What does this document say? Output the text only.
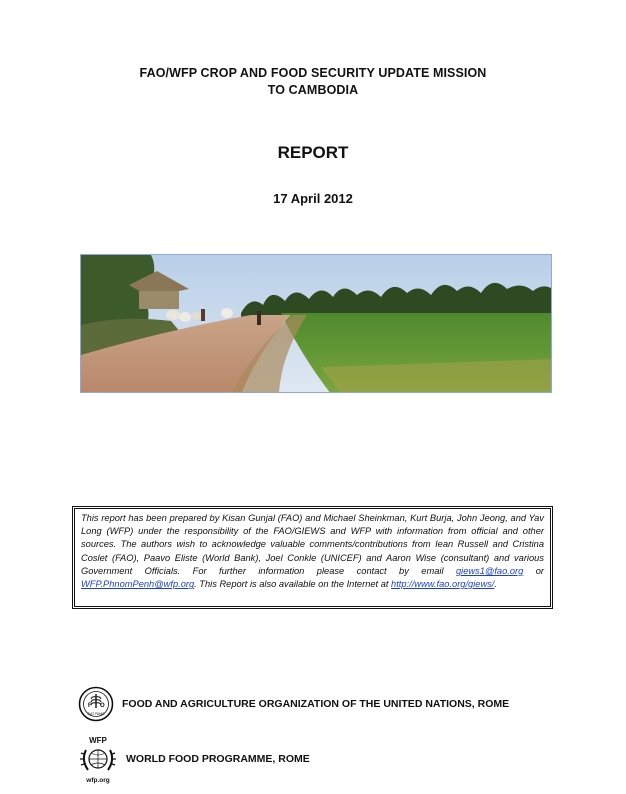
FAO/WFP CROP AND FOOD SECURITY UPDATE MISSION
TO CAMBODIA
REPORT
17 April 2012

This report has been prepared by Kisan Gunjal (FAO) and Michael Sheinkman, Kurt Burja, John Jeong, and Yav Long (WFP) under the responsibility of the FAO/GIEWS and WFP with information from official and other sources. The authors wish to acknowledge valuable comments/contributions from Iean Russell and Cristina Coslet (FAO), Paavo Eliste (World Bank), Joel Conkle (UNICEF) and Aaron Wise (consultant) and various Government Officials. For further information please contact by email giews1@fao.org or WFP.PhnomPenh@wfp.org. This Report is also available on the Internet at http://www.fao.org/giews/.

F O
FIAT PANIS
FOOD AND AGRICULTURE ORGANIZATION OF THE UNITED NATIONS, ROME
WFP
wfp.org
WORLD FOOD PROGRAMME, ROME
